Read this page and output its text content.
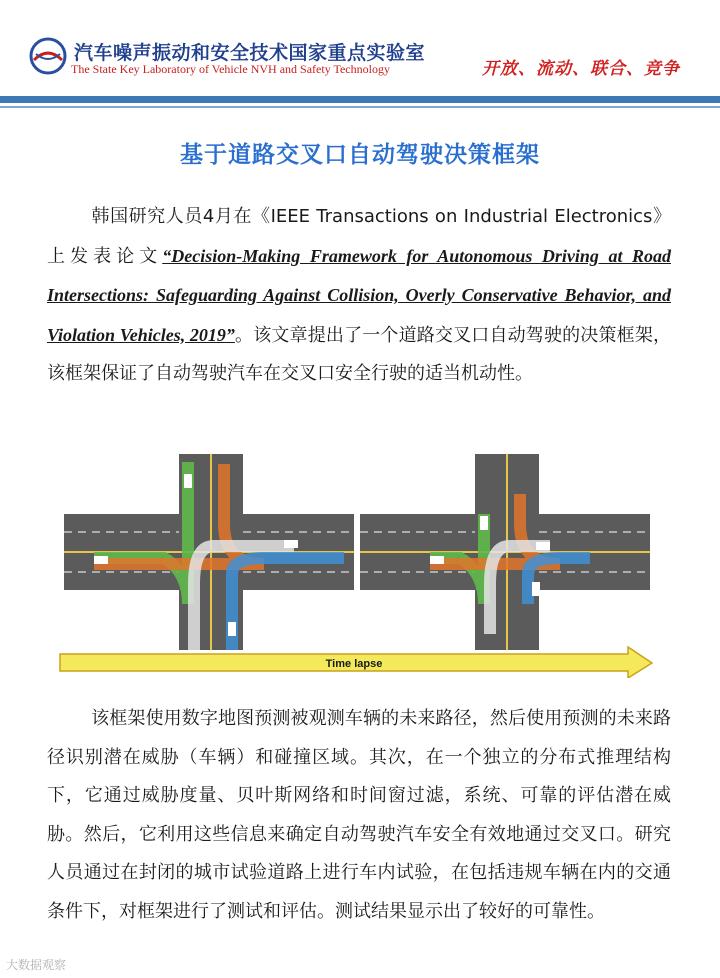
汽车噪声振动和安全技术国家重点实验室
The State Key Laboratory of Vehicle NVH and Safety Technology	开放、流动、联合、竞争
基于道路交叉口自动驾驶决策框架
韩国研究人员4月在《IEEE Transactions on Industrial Electronics》上发表论文“Decision-Making Framework for Autonomous Driving at Road Intersections: Safeguarding Against Collision, Overly Conservative Behavior, and Violation Vehicles, 2019”。该文章提出了一个道路交叉口自动驾驶的决策框架，该框架保证了自动驾驶汽车在交叉口安全行驶的适当机动性。
Time lapse
该框架使用数字地图预测被观测车辆的未来路径，然后使用预测的未来路径识别潜在威胁（车辆）和碰撞区域。其次，在一个独立的分布式推理结构下，它通过威胁度量、贝叶斯网络和时间窗过滤，系统、可靠的评估潜在威胁。然后，它利用这些信息来确定自动驾驶汽车安全有效地通过交叉口。研究人员通过在封闭的城市试验道路上进行车内试验，在包括违规车辆在内的交通条件下，对框架进行了测试和评估。测试结果显示出了较好的可靠性。
大数据观察
